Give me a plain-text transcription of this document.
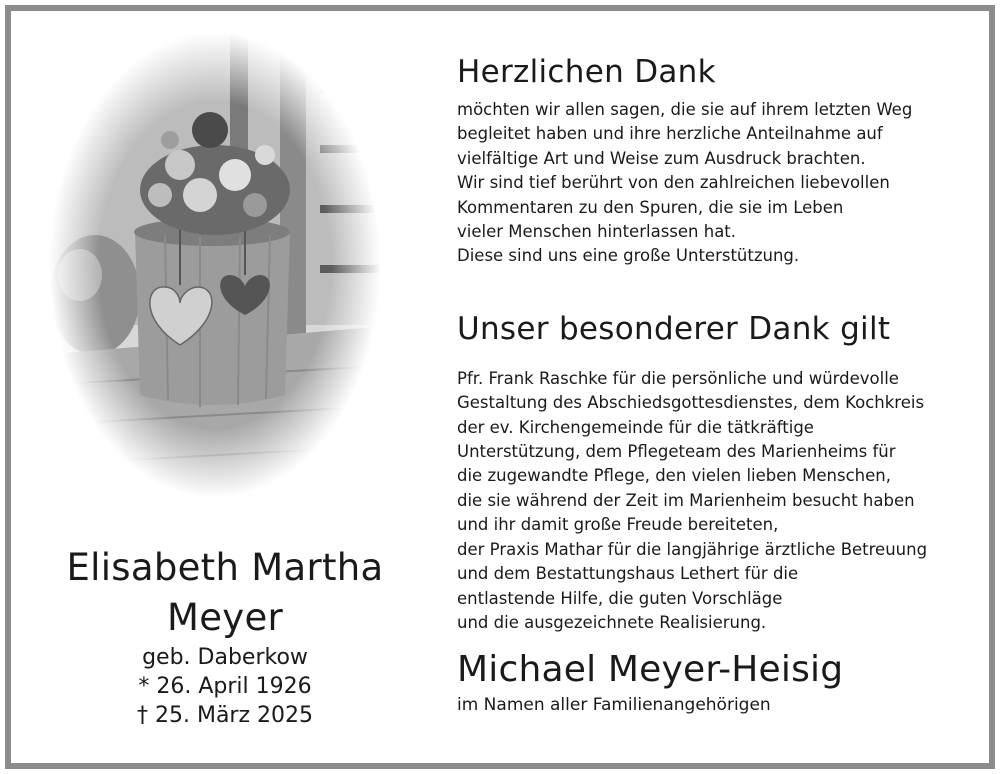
Elisabeth Martha
Meyer
geb. Daberkow
* 26. April 1926
† 25. März 2025
Herzlichen Dank
möchten wir allen sagen, die sie auf ihrem letzten Weg
begleitet haben und ihre herzliche Anteilnahme auf
vielfältige Art und Weise zum Ausdruck brachten.
Wir sind tief berührt von den zahlreichen liebevollen
Kommentaren zu den Spuren, die sie im Leben
vieler Menschen hinterlassen hat.
Diese sind uns eine große Unterstützung.
Unser besonderer Dank gilt
Pfr. Frank Raschke für die persönliche und würdevolle
Gestaltung des Abschiedsgottesdienstes, dem Kochkreis
der ev. Kirchengemeinde für die tätkräftige
Unterstützung, dem Pflegeteam des Marienheims für
die zugewandte Pflege, den vielen lieben Menschen,
die sie während der Zeit im Marienheim besucht haben
und ihr damit große Freude bereiteten,
der Praxis Mathar für die langjährige ärztliche Betreuung
und dem Bestattungshaus Lethert für die
entlastende Hilfe, die guten Vorschläge
und die ausgezeichnete Realisierung.
Michael Meyer-Heisig
im Namen aller Familienangehörigen
